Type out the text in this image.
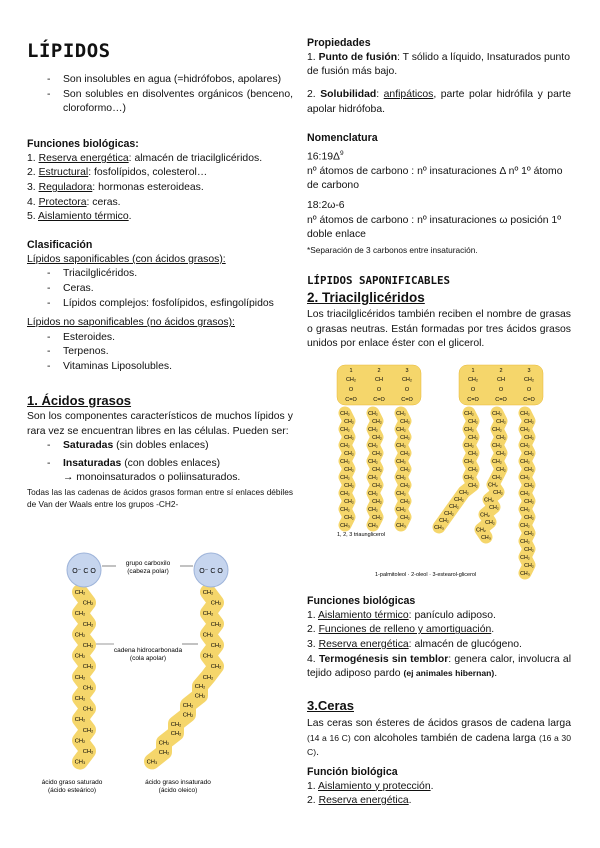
LÍPIDOS
- Son insolubles en agua (=hidrófobos, apolares)
- Son solubles en disolventes orgánicos (benceno, cloroformo…)
Funciones biológicas:
1. Reserva energética: almacén de triacilglicéridos.
2. Estructural: fosfolípidos, colesterol…
3. Reguladora: hormonas esteroideas.
4. Protectora: ceras.
5. Aislamiento térmico.
Clasificación
Lípidos saponificables (con ácidos grasos):
- Triacilglicéridos.
- Ceras.
- Lípidos complejos: fosfolípidos, esfingolípidos
Lípidos no saponificables (no ácidos grasos):
- Esteroides.
- Terpenos.
- Vitaminas Liposolubles.
1. Ácidos grasos
Son los componentes característicos de muchos lípidos y rara vez se encuentran libres en las células. Pueden ser:
- Saturadas (sin dobles enlaces)
- Insaturadas (con dobles enlaces)
→ monoinsaturados o poliinsaturados.
Todas las las cadenas de ácidos grasos forman entre sí enlaces débiles de Van der Waals entre los grupos -CH2-
CH₂
CH₂
CH₂
CH₂
CH₂
CH₂
CH₂
CH₂
CH₂
CH₂
CH₂
CH₂
CH₂
CH₂
CH₂
CH₂
CH₃
CH₂
CH₂
CH₂
CH₂
CH₂
CH₂
CH₂
CH₂
CH₂
CH₂
CH₂
CH₂
CH₂
CH₂
CH₂
CH₂
CH₂
CH₃
O⁻ C O	O⁻ C O
grupo carboxilo
(cabeza polar)
cadena hidrocarbonada
(cola apolar)
ácido graso saturado
(ácido esteárico)
ácido graso insaturado
(ácido oleico)
Propiedades
1. Punto de fusión: T sólido a líquido, Insaturados punto de fusión más bajo.
2. Solubilidad: anfipáticos, parte polar hidrófila y parte apolar hidrófoba.
Nomenclatura
$16:19\Delta^9$
nº átomos de carbono : nº insaturaciones Δ nº 1º átomo de carbono
18:2ω-6
nº átomos de carbono : nº insaturaciones ω posición 1º doble enlace
*Separación de 3 carbonos entre insaturación.
LÍPIDOS SAPONIFICABLES
2. Triacilglicéridos
Los triacilglicéridos también reciben el nombre de grasas o grasas neutras. Están formadas por tres ácidos grasos unidos por enlace éster con el glicerol.
1
CH₂
O
C=O
2
CH
O
C=O
3
CH₂
O
C=O
CH₂
CH₂
CH₂
CH₂
CH₂
CH₂
CH₂
CH₂
CH₂
CH₂
CH₂
CH₂
CH₂
CH₂
CH₃
CH₂
CH₂
CH₂
CH₂
CH₂
CH₂
CH₂
CH₂
CH₂
CH₂
CH₂
CH₂
CH₂
CH₂
CH₃
CH₂
CH₂
CH₂
CH₂
CH₂
CH₂
CH₂
CH₂
CH₂
CH₂
CH₂
CH₂
CH₂
CH₂
CH₃
1
CH₂
O
C=O
2
CH
O
C=O
3
CH₂
O
C=O
CH₂
CH₂
CH₂
CH₂
CH₂
CH₂
CH₂
CH₂
CH₂
CH₂
CH₂
CH₂
CH₂
CH₂
CH₂
CH₃
CH₂
CH₂
CH₂
CH₂
CH₂
CH₂
CH₂
CH₂
CH₂
CH₂
CH₂
CH₂
CH₂
CH₂
CH₂
CH₂
CH₃
CH₂
CH₂
CH₂
CH₂
CH₂
CH₂
CH₂
CH₂
CH₂
CH₂
CH₂
CH₂
CH₂
CH₂
CH₂
CH₂
CH₂
CH₂
CH₂
CH₂
CH₃
1, 2, 3 triaunglicerol
1-palmitoleol · 2-oleol · 3-estearol-glicerol
Funciones biológicas
1. Aislamiento térmico: panículo adiposo.
2. Funciones de relleno y amortiguación.
3. Reserva energética: almacén de glucógeno.
4. Termogénesis sin temblor: genera calor, involucra al tejido adiposo pardo (ej animales hibernan).
3.Ceras
Las ceras son ésteres de ácidos grasos de cadena larga (14 a 16 C) con alcoholes también de cadena larga (16 a 30 C).
Función biológica
1. Aislamiento y protección.
2. Reserva energética.
